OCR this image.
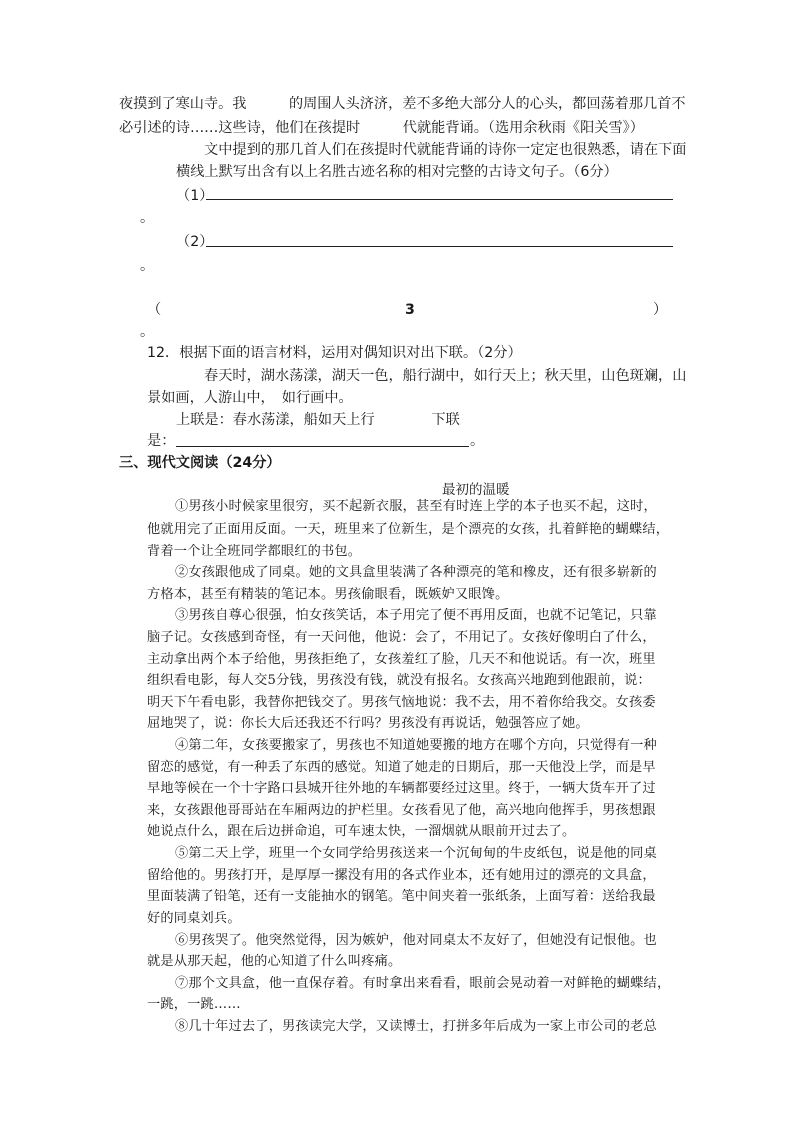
夜摸到了寒山寺。我　　　的周围人头济济，差不多绝大部分人的心头，都回荡着那几首不
必引述的诗……这些诗，他们在孩提时　　　代就能背诵。（选用余秋雨《阳关雪》）
文中提到的那几首人们在孩提时代就能背诵的诗你一定定也很熟悉，请在下面
横线上默写出含有以上名胜古迹名称的相对完整的古诗文句子。（6分）
（1）
。
（2）
。
（	3	）
。
12．根据下面的语言材料，运用对偶知识对出下联。（2分）
春天时，湖水荡漾，湖天一色，船行湖中，如行天上；秋天里，山色斑斓，山
景如画，人游山中，　如行画中。
上联是：春水荡漾，船如天上行　　　　下联
是：	。
三、现代文阅读（24分）
最初的温暖
①男孩小时候家里很穷，买不起新衣服，甚至有时连上学的本子也买不起，这时，
他就用完了正面用反面。一天，班里来了位新生，是个漂亮的女孩，扎着鲜艳的蝴蝶结，
背着一个让全班同学都眼红的书包。
②女孩跟他成了同桌。她的文具盒里装满了各种漂亮的笔和橡皮，还有很多崭新的
方格本，甚至有精装的笔记本。男孩偷眼看，既嫉妒又眼馋。
③男孩自尊心很强，怕女孩笑话，本子用完了便不再用反面，也就不记笔记，只靠
脑子记。女孩感到奇怪，有一天问他，他说：会了，不用记了。女孩好像明白了什么，
主动拿出两个本子给他，男孩拒绝了，女孩羞红了脸，几天不和他说话。有一次，班里
组织看电影，每人交5分钱，男孩没有钱，就没有报名。女孩高兴地跑到他跟前，说：
明天下午看电影，我替你把钱交了。男孩气恼地说：我不去，用不着你给我交。女孩委
屈地哭了，说：你长大后还我还不行吗？男孩没有再说话，勉强答应了她。
④第二年，女孩要搬家了，男孩也不知道她要搬的地方在哪个方向，只觉得有一种
留恋的感觉，有一种丢了东西的感觉。知道了她走的日期后，那一天他没上学，而是早
早地等候在一个十字路口县城开往外地的车辆都要经过这里。终于，一辆大货车开了过
来，女孩跟他哥哥站在车厢两边的护栏里。女孩看见了他，高兴地向他挥手，男孩想跟
她说点什么，跟在后边拼命追，可车速太快，一溜烟就从眼前开过去了。
⑤第二天上学，班里一个女同学给男孩送来一个沉甸甸的牛皮纸包，说是他的同桌
留给他的。男孩打开，是厚厚一摞没有用的各式作业本，还有她用过的漂亮的文具盒，
里面装满了铅笔，还有一支能抽水的钢笔。笔中间夹着一张纸条，上面写着：送给我最
好的同桌刘兵。
⑥男孩哭了。他突然觉得，因为嫉妒，他对同桌太不友好了，但她没有记恨他。也
就是从那天起，他的心知道了什么叫疼痛。
⑦那个文具盒，他一直保存着。有时拿出来看看，眼前会晃动着一对鲜艳的蝴蝶结，
一跳，一跳……
⑧几十年过去了，男孩读完大学，又读博士，打拼多年后成为一家上市公司的老总
